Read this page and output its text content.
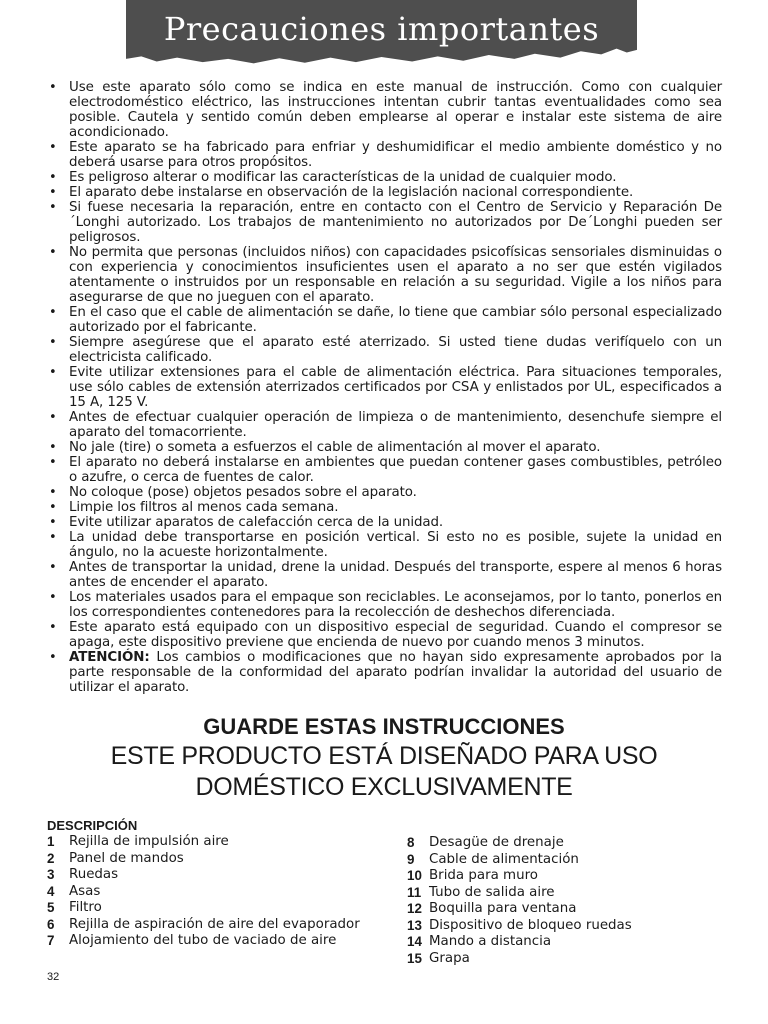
Precauciones importantes
• Use este aparato sólo como se indica en este manual de instrucción. Como con cualquier electrodoméstico eléctrico, las instrucciones intentan cubrir tantas eventualidades como sea posible. Cautela y sentido común deben emplearse al operar e instalar este sistema de aire acondicionado.
• Este aparato se ha fabricado para enfriar y deshumidificar el medio ambiente doméstico y no deberá usarse para otros propósitos.
• Es peligroso alterar o modificar las características de la unidad de cualquier modo.
• El aparato debe instalarse en observación de la legislación nacional correspondiente.
• Si fuese necesaria la reparación, entre en contacto con el Centro de Servicio y Reparación De´Longhi autorizado. Los trabajos de mantenimiento no autorizados por De´Longhi pueden ser peligrosos.
• No permita que personas (incluidos niños) con capacidades psicofísicas sensoriales disminuidas o con experiencia y conocimientos insuficientes usen el aparato a no ser que estén vigilados atentamente o instruidos por un responsable en relación a su seguridad. Vigile a los niños para asegurarse de que no jueguen con el aparato.
• En el caso que el cable de alimentación se dañe, lo tiene que cambiar sólo personal especializado autorizado por el fabricante.
• Siempre asegúrese que el aparato esté aterrizado. Si usted tiene dudas verifíquelo con un electricista calificado.
• Evite utilizar extensiones para el cable de alimentación eléctrica. Para situaciones temporales, use sólo cables de extensión aterrizados certificados por CSA y enlistados por UL, especificados a 15 A, 125 V.
• Antes de efectuar cualquier operación de limpieza o de mantenimiento, desenchufe siempre el aparato del tomacorriente.
• No jale (tire) o someta a esfuerzos el cable de alimentación al mover el aparato.
• El aparato no deberá instalarse en ambientes que puedan contener gases combustibles, petróleo o azufre, o cerca de fuentes de calor.
• No coloque (pose) objetos pesados sobre el aparato.
• Limpie los filtros al menos cada semana.
• Evite utilizar aparatos de calefacción cerca de la unidad.
• La unidad debe transportarse en posición vertical. Si esto no es posible, sujete la unidad en ángulo, no la acueste horizontalmente.
• Antes de transportar la unidad, drene la unidad. Después del transporte, espere al menos 6 horas antes de encender el aparato.
• Los materiales usados para el empaque son reciclables. Le aconsejamos, por lo tanto, ponerlos en los correspondientes contenedores para la recolección de deshechos diferenciada.
• Este aparato está equipado con un dispositivo especial de seguridad. Cuando el compresor se apaga, este dispositivo previene que encienda de nuevo por cuando menos 3 minutos.
• ATENCIÓN: Los cambios o modificaciones que no hayan sido expresamente aprobados por la parte responsable de la conformidad del aparato podrían invalidar la autoridad del usuario de utilizar el aparato.
GUARDE ESTAS INSTRUCCIONES
ESTE PRODUCTO ESTÁ DISEÑADO PARA USO DOMÉSTICO EXCLUSIVAMENTE
DESCRIPCIÓN
1 Rejilla de impulsión aire
2 Panel de mandos
3 Ruedas
4 Asas
5 Filtro
6 Rejilla de aspiración de aire del evaporador
7 Alojamiento del tubo de vaciado de aire
8 Desagüe de drenaje
9 Cable de alimentación
10 Brida para muro
11 Tubo de salida aire
12 Boquilla para ventana
13 Dispositivo de bloqueo ruedas
14 Mando a distancia
15 Grapa
32
